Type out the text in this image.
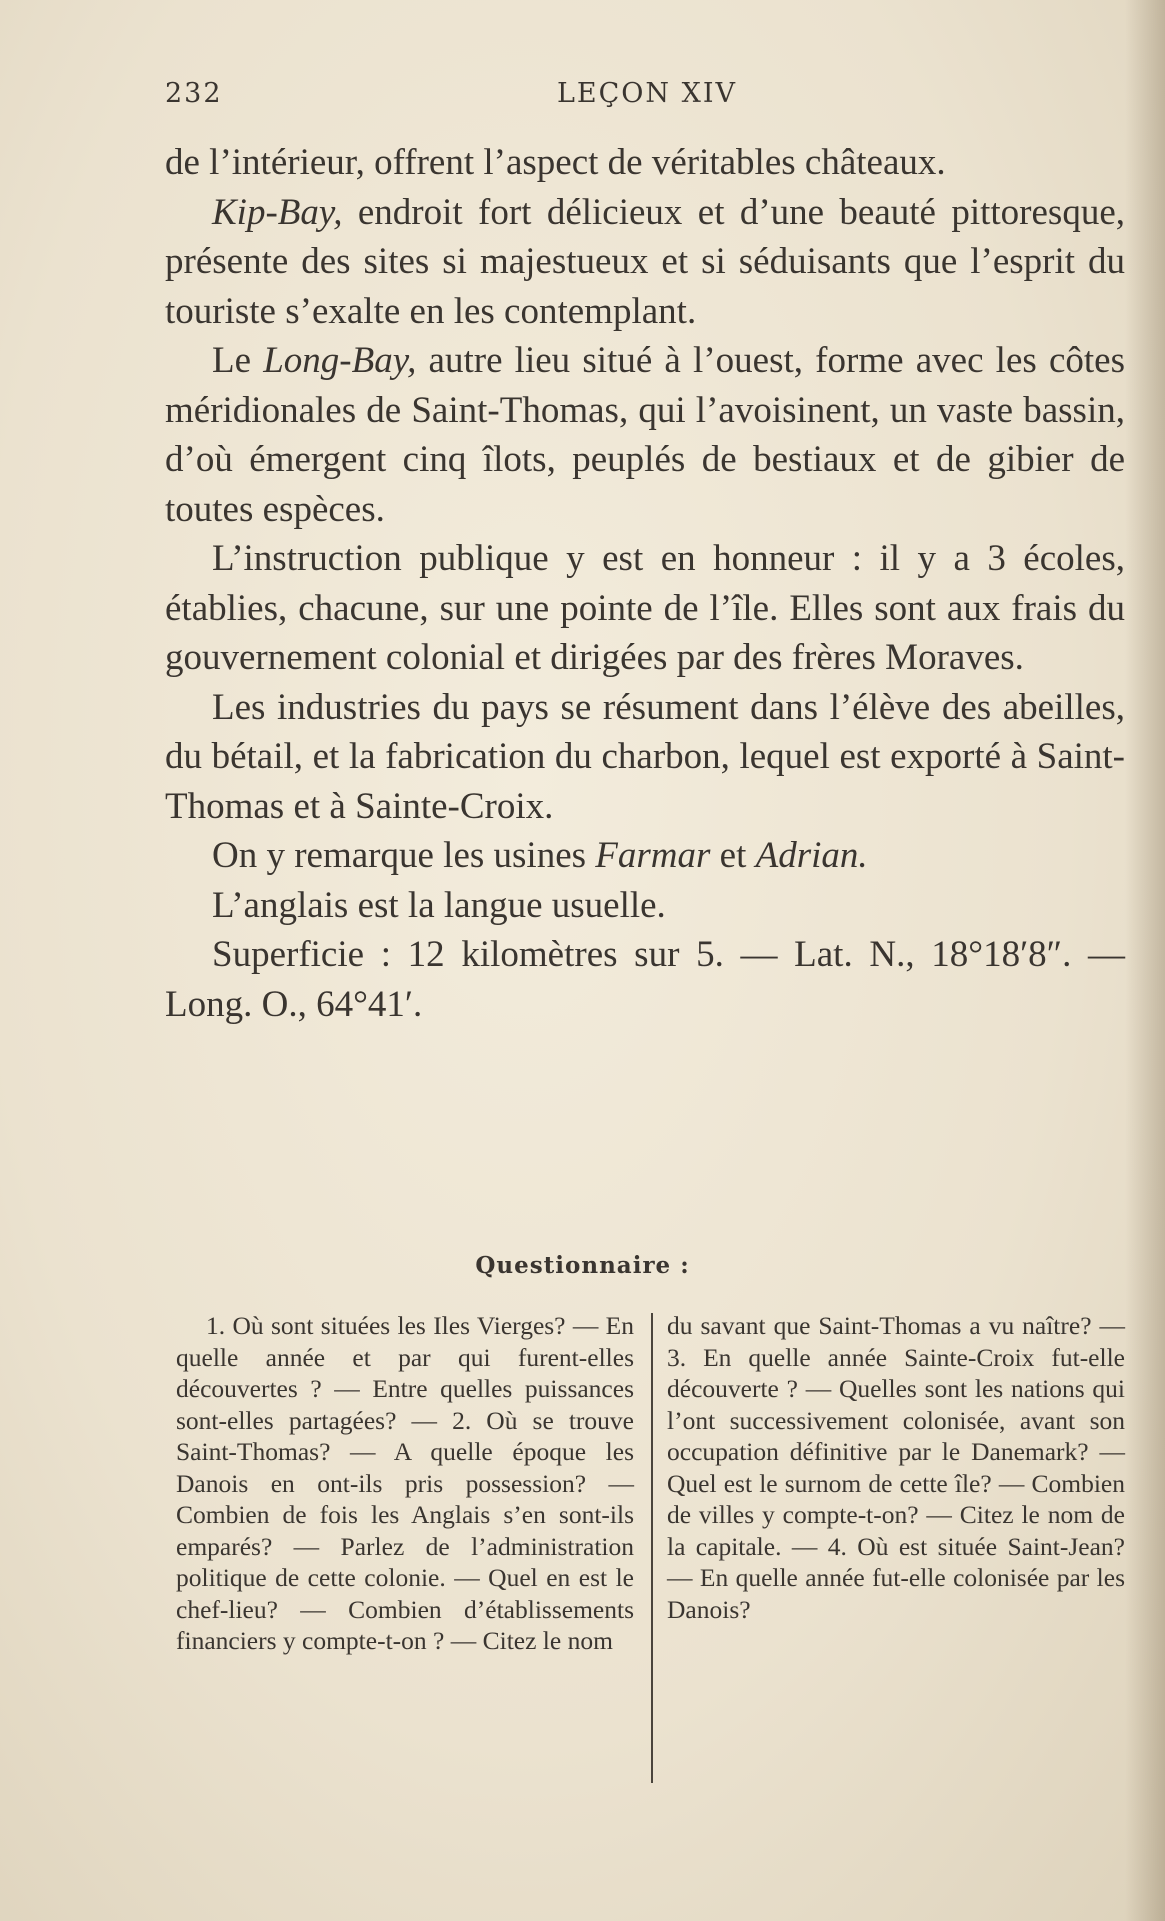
232	LEÇON XIV

de l’intérieur, offrent l’aspect de véritables châteaux.

Kip-Bay, endroit fort délicieux et d’une beauté pittoresque, présente des sites si majestueux et si séduisants que l’esprit du touriste s’exalte en les contemplant.

Le Long-Bay, autre lieu situé à l’ouest, forme avec les côtes méridionales de Saint-Thomas, qui l’avoisinent, un vaste bassin, d’où émergent cinq îlots, peuplés de bestiaux et de gibier de toutes espèces.

L’instruction publique y est en honneur : il y a 3 écoles, établies, chacune, sur une pointe de l’île. Elles sont aux frais du gouvernement colonial et dirigées par des frères Moraves.

Les industries du pays se résument dans l’élève des abeilles, du bétail, et la fabrication du charbon, lequel est exporté à Saint-Thomas et à Sainte-Croix.

On y remarque les usines Farmar et Adrian.

L’anglais est la langue usuelle.

Superficie : 12 kilomètres sur 5. — Lat. N., 18°18′8″. — Long. O., 64°41′.

Questionnaire :

1. Où sont situées les Iles Vierges? — En quelle année et par qui furent-elles découvertes ? — Entre quelles puissances sont-elles partagées? — 2. Où se trouve Saint-Thomas? — A quelle époque les Danois en ont-ils pris possession? — Combien de fois les Anglais s’en sont-ils emparés? — Parlez de l’administration politique de cette colonie. — Quel en est le chef-lieu? — Combien d’établissements financiers y compte-t-on ? — Citez le nom

du savant que Saint-Thomas a vu naître? — 3. En quelle année Sainte-Croix fut-elle découverte ? — Quelles sont les nations qui l’ont successivement colonisée, avant son occupation définitive par le Danemark? — Quel est le surnom de cette île? — Combien de villes y compte-t-on? — Citez le nom de la capitale. — 4. Où est située Saint-Jean? — En quelle année fut-elle colonisée par les Danois?
